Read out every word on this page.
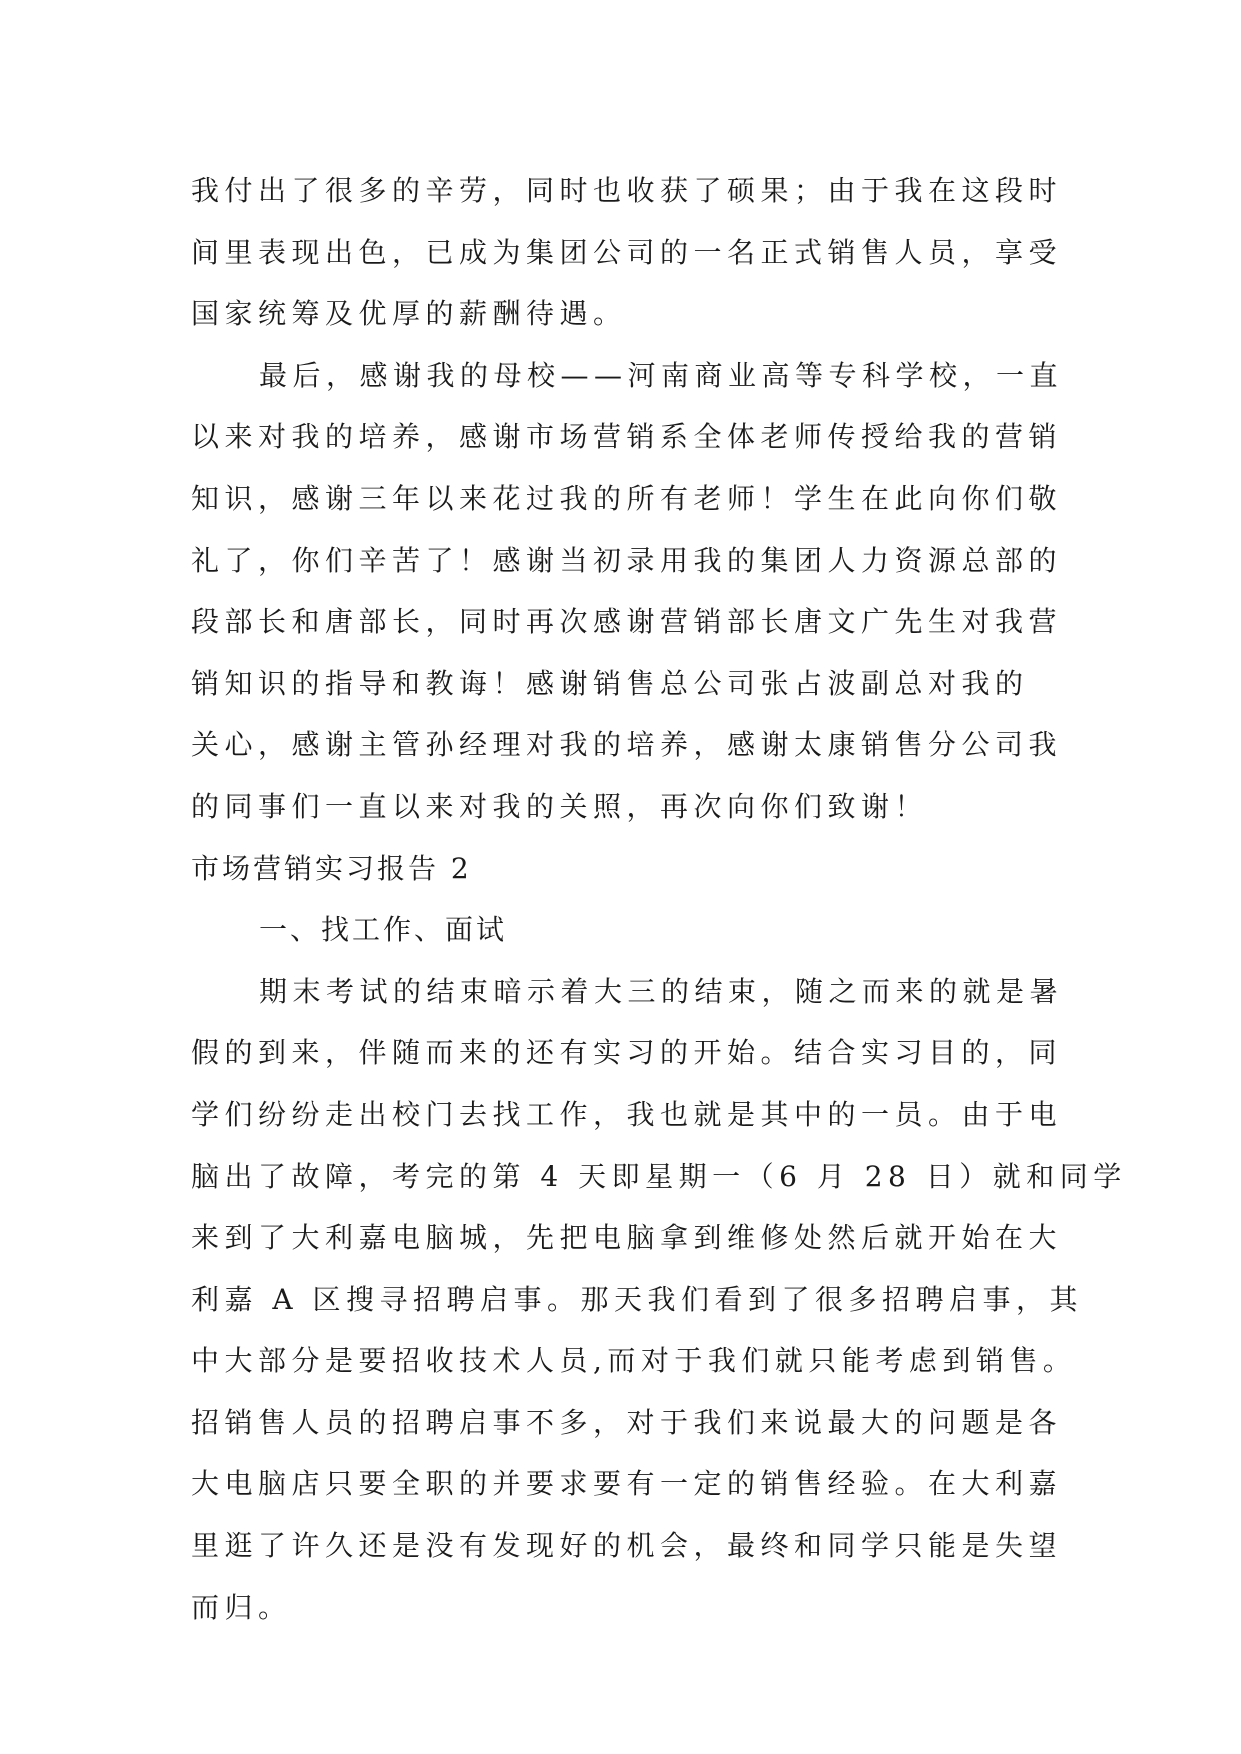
我付出了很多的辛劳，同时也收获了硕果；由于我在这段时
间里表现出色，已成为集团公司的一名正式销售人员，享受
国家统筹及优厚的薪酬待遇。
最后，感谢我的母校——河南商业高等专科学校，一直
以来对我的培养，感谢市场营销系全体老师传授给我的营销
知识，感谢三年以来花过我的所有老师！学生在此向你们敬
礼了，你们辛苦了！感谢当初录用我的集团人力资源总部的
段部长和唐部长，同时再次感谢营销部长唐文广先生对我营
销知识的指导和教诲！感谢销售总公司张占波副总对我的
关心，感谢主管孙经理对我的培养，感谢太康销售分公司我
的同事们一直以来对我的关照，再次向你们致谢！
市场营销实习报告 2
一、找工作、面试
期末考试的结束暗示着大三的结束，随之而来的就是暑
假的到来，伴随而来的还有实习的开始。结合实习目的，同
学们纷纷走出校门去找工作，我也就是其中的一员。由于电
脑出了故障，考完的第 4 天即星期一（6 月 28 日）就和同学
来到了大利嘉电脑城，先把电脑拿到维修处然后就开始在大
利嘉 A 区搜寻招聘启事。那天我们看到了很多招聘启事，其
中大部分是要招收技术人员,而对于我们就只能考虑到销售。
招销售人员的招聘启事不多，对于我们来说最大的问题是各
大电脑店只要全职的并要求要有一定的销售经验。在大利嘉
里逛了许久还是没有发现好的机会，最终和同学只能是失望
而归。
